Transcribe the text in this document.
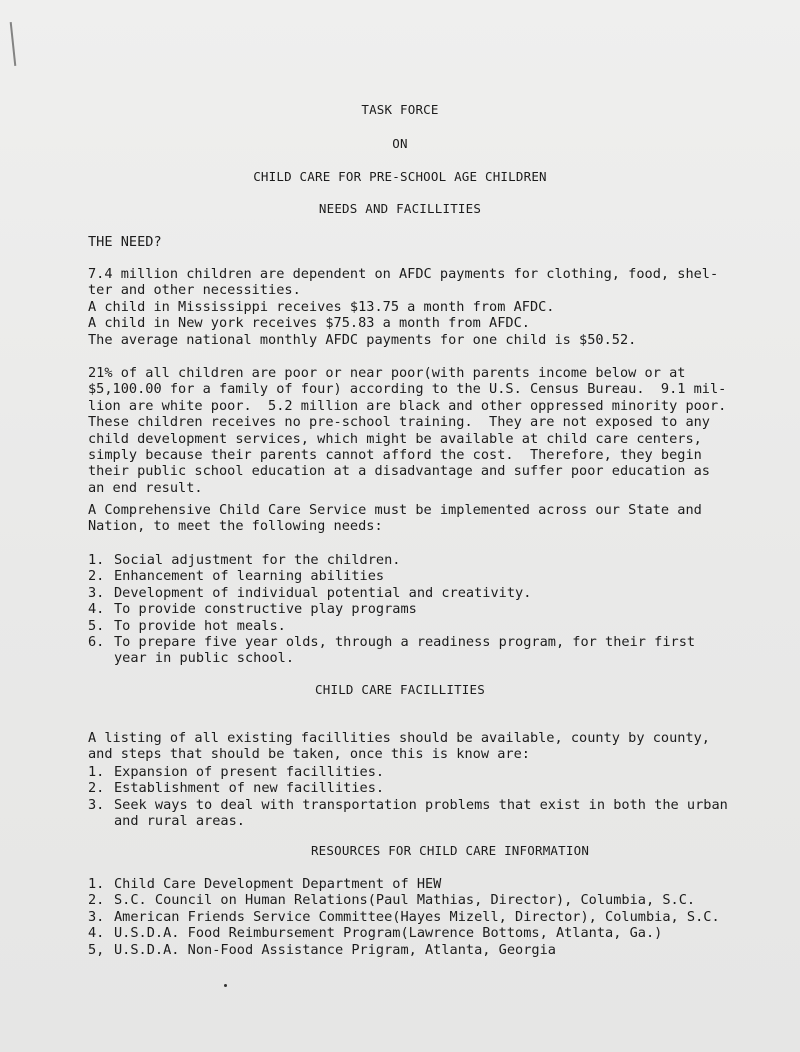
TASK FORCE
ON
CHILD CARE FOR PRE-SCHOOL AGE CHILDREN
NEEDS AND FACILLITIES
THE NEED?
7.4 million children are dependent on AFDC payments for clothing, food, shel-
ter and other necessities.
A child in Mississippi receives $13.75 a month from AFDC.
A child in New york receives $75.83 a month from AFDC.
The average national monthly AFDC payments for one child is $50.52.
21% of all children are poor or near poor(with parents income below or at
$5,100.00 for a family of four) according to the U.S. Census Bureau.  9.1 mil-
lion are white poor.  5.2 million are black and other oppressed minority poor.
These children receives no pre-school training.  They are not exposed to any
child development services, which might be available at child care centers,
simply because their parents cannot afford the cost.  Therefore, they begin
their public school education at a disadvantage and suffer poor education as
an end result.
A Comprehensive Child Care Service must be implemented across our State and
Nation, to meet the following needs:
1. Social adjustment for the children.
2. Enhancement of learning abilities
3. Development of individual potential and creativity.
4. To provide constructive play programs
5. To provide hot meals.
6. To prepare five year olds, through a readiness program, for their first
year in public school.
CHILD CARE FACILLITIES
A listing of all existing facillities should be available, county by county,
and steps that should be taken, once this is know are:
1. Expansion of present facillities.
2. Establishment of new facillities.
3. Seek ways to deal with transportation problems that exist in both the urban
and rural areas.
RESOURCES FOR CHILD CARE INFORMATION
1. Child Care Development Department of HEW
2. S.C. Council on Human Relations(Paul Mathias, Director), Columbia, S.C.
3. American Friends Service Committee(Hayes Mizell, Director), Columbia, S.C.
4. U.S.D.A. Food Reimbursement Program(Lawrence Bottoms, Atlanta, Ga.)
5, U.S.D.A. Non-Food Assistance Prigram, Atlanta, Georgia
